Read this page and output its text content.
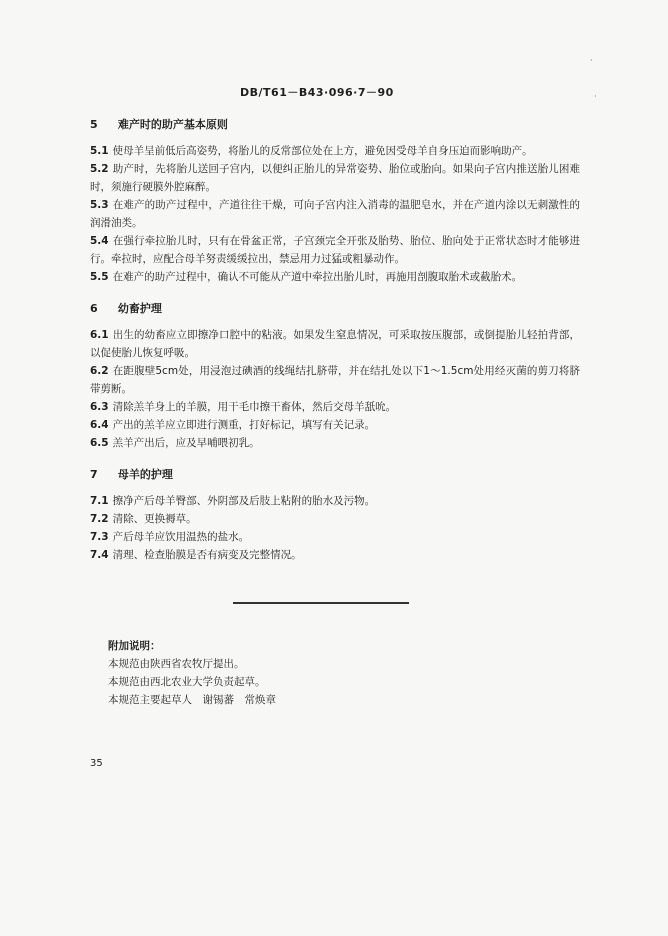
DB/T61－B43·096·7－90
·
·
5 难产时的助产基本原则

5.1 使母羊呈前低后高姿势，将胎儿的反常部位处在上方，避免因受母羊自身压迫而影响助产。

5.2 助产时，先将胎儿送回子宫内，以便纠正胎儿的异常姿势、胎位或胎向。如果向子宫内推送胎儿困难时，须施行硬膜外腔麻醉。

5.3 在难产的助产过程中，产道往往干燥，可向子宫内注入消毒的温肥皂水，并在产道内涂以无刺激性的润滑油类。

5.4 在强行牵拉胎儿时，只有在骨盆正常，子宫颈完全开张及胎势、胎位、胎向处于正常状态时才能够进行。牵拉时，应配合母羊努责缓缓拉出，禁忌用力过猛或粗暴动作。

5.5 在难产的助产过程中，确认不可能从产道中牵拉出胎儿时，再施用剖腹取胎术或截胎术。

6 幼畜护理

6.1 出生的幼畜应立即擦净口腔中的粘液。如果发生窒息情况，可采取按压腹部，或倒提胎儿轻拍背部，以促使胎儿恢复呼吸。

6.2 在距腹壁5cm处，用浸泡过碘酒的线绳结扎脐带，并在结扎处以下1～1.5cm处用经灭菌的剪刀将脐带剪断。

6.3 清除羔羊身上的羊膜，用干毛巾擦干畜体，然后交母羊舐吮。

6.4 产出的羔羊应立即进行测重，打好标记，填写有关记录。

6.5 羔羊产出后，应及早哺喂初乳。

7 母羊的护理

7.1 擦净产后母羊臀部、外阴部及后肢上粘附的胎水及污物。

7.2 清除、更换褥草。

7.3 产后母羊应饮用温热的盐水。

7.4 清理、检查胎膜是否有病变及完整情况。

附加说明：
本规范由陕西省农牧厅提出。
本规范由西北农业大学负责起草。
本规范主要起草人　谢锡蕃　常焕章
35
